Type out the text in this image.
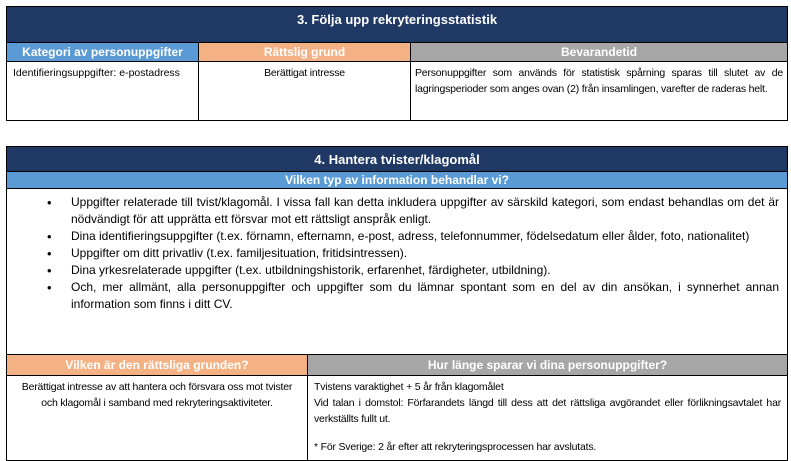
3. Följa upp rekryteringsstatistik		
Kategori av personuppgifter	Rättslig grund	Bevarandetid
Identifieringsuppgifter: e-postadress	Berättigat intresse	Personuppgifter som används för statistisk spårning sparas till slutet av de lagringsperioder som anges ovan (2) från insamlingen, varefter de raderas helt.
4. Hantera tvister/klagomål	
Vilken typ av information behandlar vi?	

• Uppgifter relaterade till tvist/klagomål. I vissa fall kan detta inkludera uppgifter av särskild kategori, som endast behandlas om det är nödvändigt för att upprätta ett försvar mot ett rättsligt anspråk enligt.
• Dina identifieringsuppgifter (t.ex. förnamn, efternamn, e-post, adress, telefonnummer, födelsedatum eller ålder, foto, nationalitet)
• Uppgifter om ditt privatliv (t.ex. familjesituation, fritidsintressen).
• Dina yrkesrelaterade uppgifter (t.ex. utbildningshistorik, erfarenhet, färdigheter, utbildning).
• Och, mer allmänt, alla personuppgifter och uppgifter som du lämnar spontant som en del av din ansökan, i synnerhet annan information som finns i ditt CV.

Vilken är den rättsliga grunden?	Hur länge sparar vi dina personuppgifter?
Berättigat intresse av att hantera och försvara oss mot tvister och klagomål i samband med rekryteringsaktiviteter.	Tvistens varaktighet + 5 år från klagomålet

Vid talan i domstol: Förfarandets längd till dess att det rättsliga avgörandet eller förlikningsavtalet har verkställts fullt ut.

* För Sverige: 2 år efter att rekryteringsprocessen har avslutats.
